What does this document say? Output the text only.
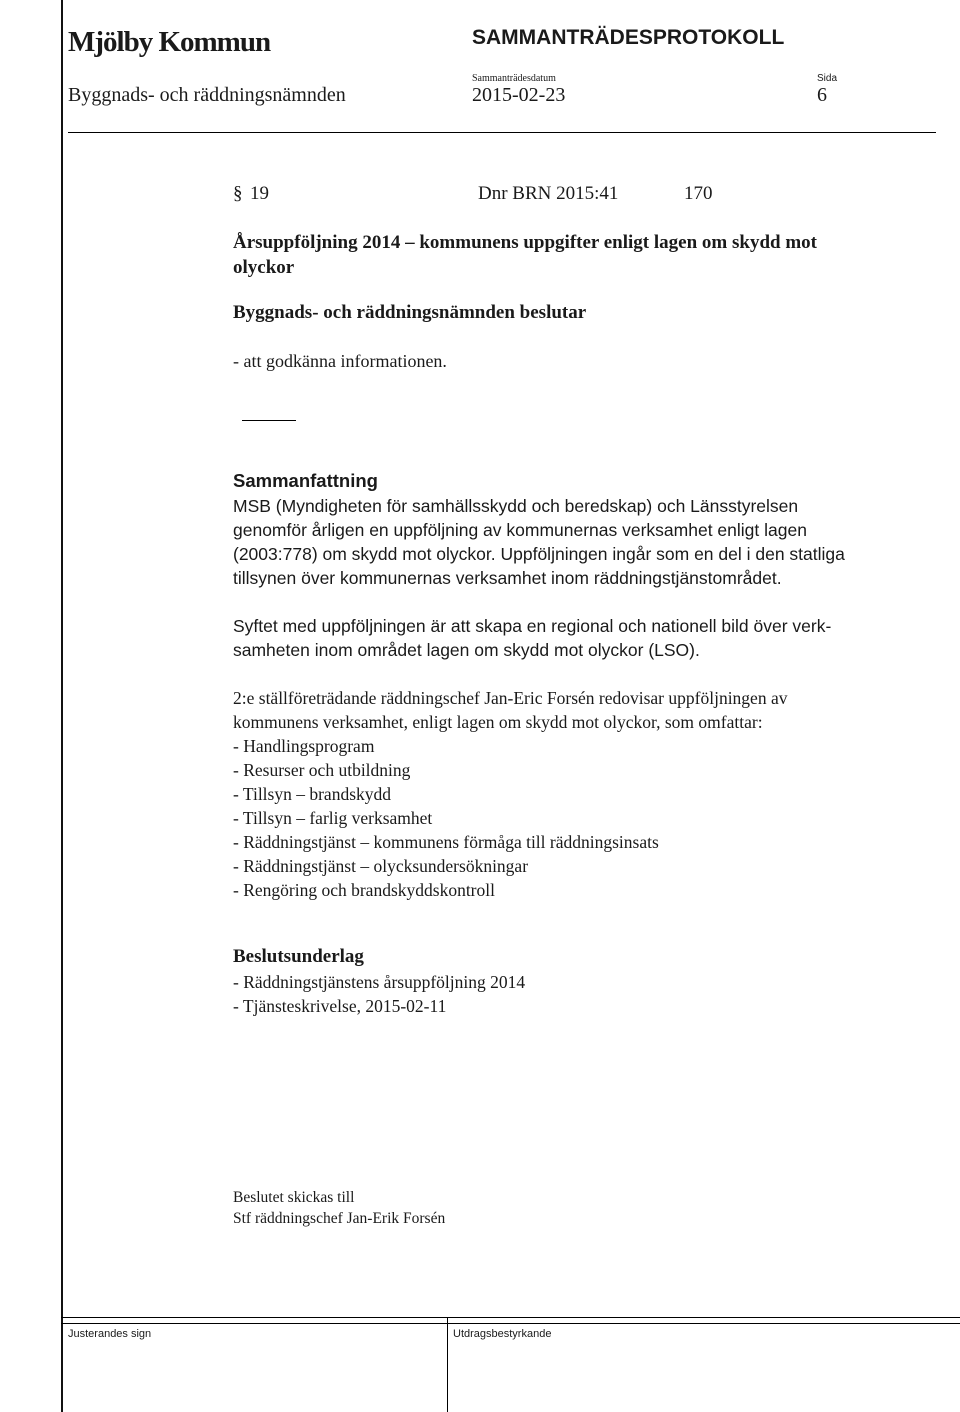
Mjölby Kommun	SAMMANTRÄDESPROTOKOLL
Sammanträdesdatum	Sida
Byggnads- och räddningsnämnden	2015-02-23	6
§ 19	Dnr BRN 2015:41	170
Årsuppföljning 2014 – kommunens uppgifter enligt lagen om skydd mot
olyckor
Byggnads- och räddningsnämnden beslutar
- att godkänna informationen.
Sammanfattning
MSB (Myndigheten för samhällsskydd och beredskap) och Länsstyrelsen
genomför årligen en uppföljning av kommunernas verksamhet enligt lagen
(2003:778) om skydd mot olyckor. Uppföljningen ingår som en del i den statliga
tillsynen över kommunernas verksamhet inom räddningstjänstområdet.
Syftet med uppföljningen är att skapa en regional och nationell bild över verk-
samheten inom området lagen om skydd mot olyckor (LSO).
2:e ställföreträdande räddningschef Jan-Eric Forsén redovisar uppföljningen av
kommunens verksamhet, enligt lagen om skydd mot olyckor, som omfattar:
- Handlingsprogram
- Resurser och utbildning
- Tillsyn – brandskydd
- Tillsyn – farlig verksamhet
- Räddningstjänst – kommunens förmåga till räddningsinsats
- Räddningstjänst – olycksundersökningar
- Rengöring och brandskyddskontroll
Beslutsunderlag
- Räddningstjänstens årsuppföljning 2014
- Tjänsteskrivelse, 2015-02-11
Beslutet skickas till
Stf räddningschef Jan-Erik Forsén
Justerandes sign	Utdragsbestyrkande
